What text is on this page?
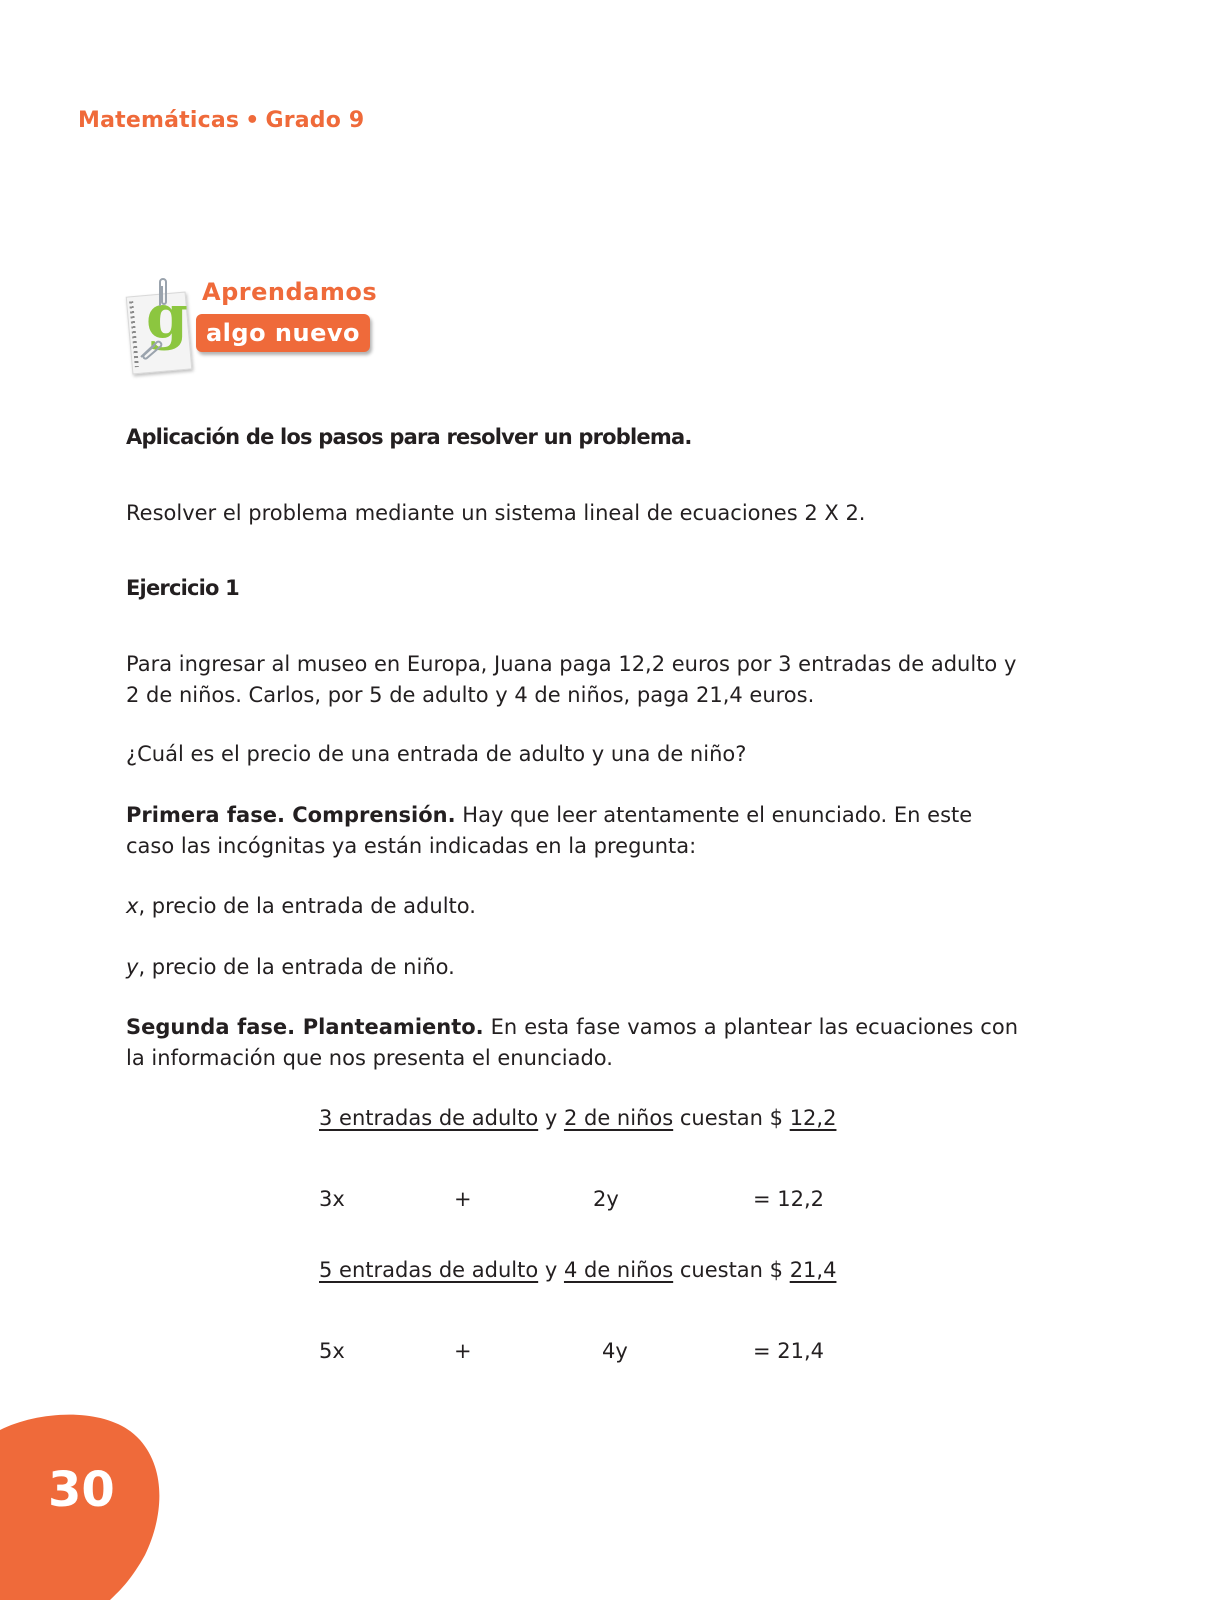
Matemáticas • Grado 9
g Aprendamos
algo nuevo
Aplicación de los pasos para resolver un problema.
Resolver el problema mediante un sistema lineal de ecuaciones 2 X 2.
Ejercicio 1
Para ingresar al museo en Europa, Juana paga 12,2 euros por 3 entradas de adulto y 2 de niños. Carlos, por 5 de adulto y 4 de niños, paga 21,4 euros.
¿Cuál es el precio de una entrada de adulto y una de niño?
Primera fase. Comprensión. Hay que leer atentamente el enunciado. En este caso las incógnitas ya están indicadas en la pregunta:
x, precio de la entrada de adulto.
y, precio de la entrada de niño.
Segunda fase. Planteamiento. En esta fase vamos a plantear las ecuaciones con la información que nos presenta el enunciado.
3 entradas de adulto y 2 de niños cuestan $ 12,2
3x	+	2y	= 12,2
5 entradas de adulto y 4 de niños cuestan $ 21,4
5x	+	4y	= 21,4
30
